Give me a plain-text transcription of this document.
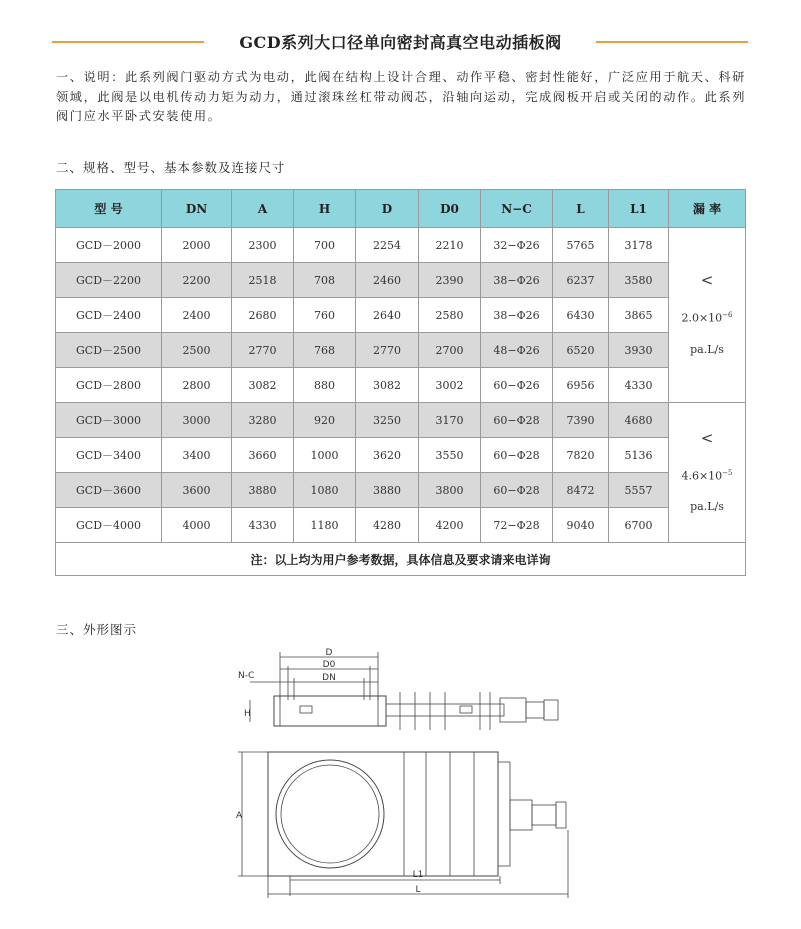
GCD系列大口径单向密封高真空电动插板阀
一、说明：此系列阀门驱动方式为电动，此阀在结构上设计合理、动作平稳、密封性能好，广泛应用于航天、科研领域，此阀是以电机传动力矩为动力，通过滚珠丝杠带动阀芯，沿轴向运动，完成阀板开启或关闭的动作。此系列阀门应水平卧式安装使用。
二、规格、型号、基本参数及连接尺寸
型 号	DN	A	H	D	D0	N−C	L	L1	漏 率
GCD－2000	2000	2300	700	2254	2210	32−Φ26	5765	3178	<
$2.0\times 10^{-6}$
pa.L/s
GCD－2200	2200	2518	708	2460	2390	38−Φ26	6237	3580	
GCD－2400	2400	2680	760	2640	2580	38−Φ26	6430	3865	
GCD－2500	2500	2770	768	2770	2700	48−Φ26	6520	3930	
GCD－2800	2800	3082	880	3082	3002	60−Φ26	6956	4330	
GCD－3000	3000	3280	920	3250	3170	60−Φ28	7390	4680	<
$4.6\times 10^{-5}$
pa.L/s
GCD－3400	3400	3660	1000	3620	3550	60−Φ28	7820	5136	
GCD－3600	3600	3880	1080	3880	3800	60−Φ28	8472	5557	
GCD－4000	4000	4330	1180	4280	4200	72−Φ28	9040	6700	
注：以上均为用户参考数据，具体信息及要求请来电详询									
三、外形图示
D
D0
DN
N-C
H
A
L1
L
